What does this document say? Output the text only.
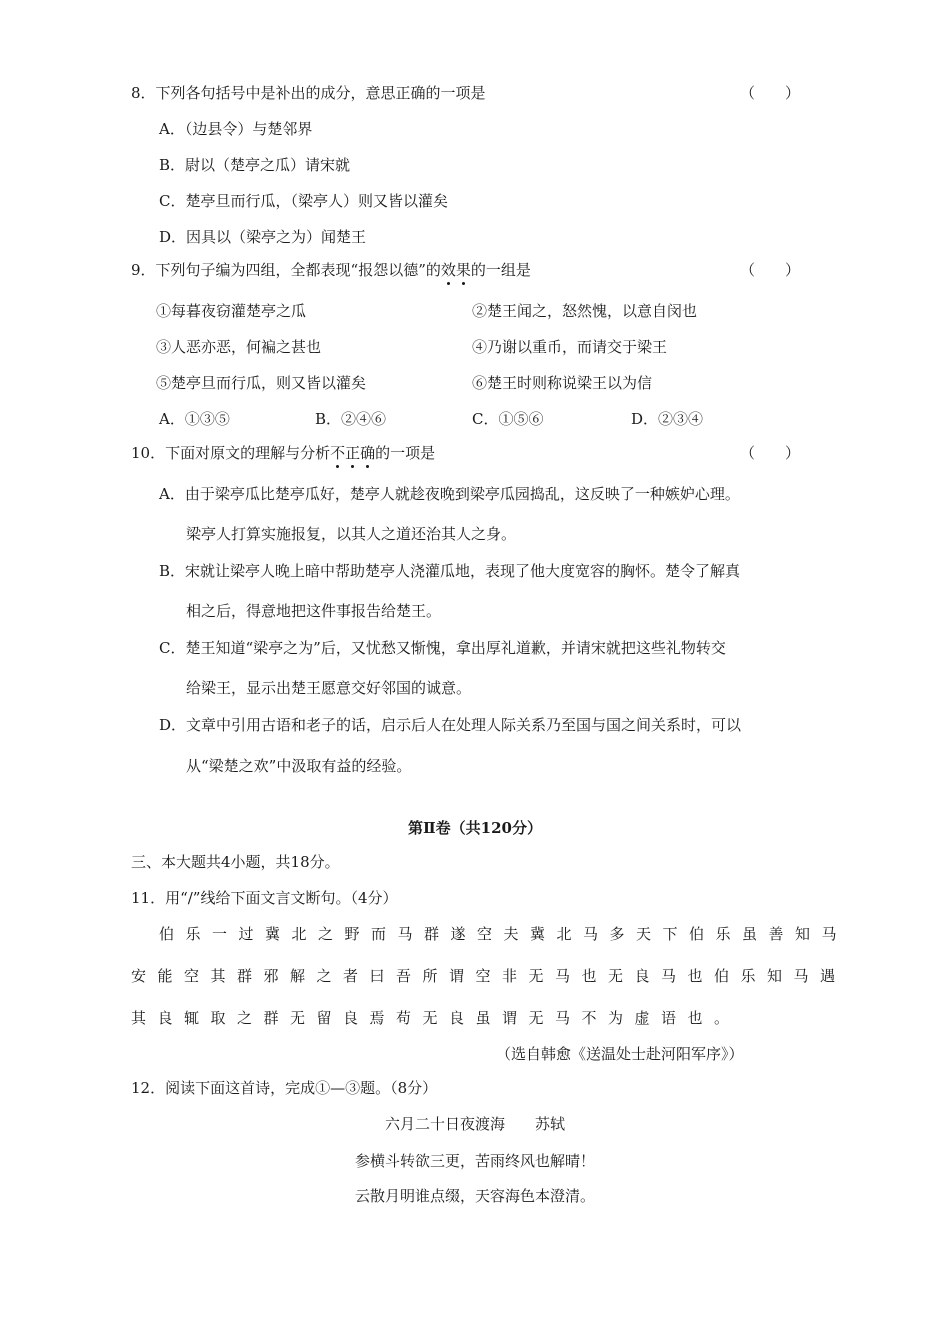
8．下列各句括号中是补出的成分，意思正确的一项是	（　　）
A．（边县令）与楚邻界
B．尉以（楚亭之瓜）请宋就
C．楚亭旦而行瓜，（梁亭人）则又皆以灌矣
D．因具以（梁亭之为）闻楚王
9．下列句子编为四组，全都表现“报怨以德”的效果的一组是	（　　）
①每暮夜窃灌楚亭之瓜	②楚王闻之，怒然愧，以意自闵也
③人恶亦恶，何褊之甚也	④乃谢以重币，而请交于梁王
⑤楚亭旦而行瓜，则又皆以灌矣	⑥楚王时则称说梁王以为信
A．①③⑤	B．②④⑥	C．①⑤⑥	D．②③④
10．下面对原文的理解与分析不正确的一项是	（　　）
A．由于梁亭瓜比楚亭瓜好，楚亭人就趁夜晚到梁亭瓜园捣乱，这反映了一种嫉妒心理。
梁亭人打算实施报复，以其人之道还治其人之身。
B．宋就让梁亭人晚上暗中帮助楚亭人浇灌瓜地，表现了他大度宽容的胸怀。楚令了解真
相之后，得意地把这件事报告给楚王。
C．楚王知道“梁亭之为”后，又忧愁又惭愧，拿出厚礼道歉，并请宋就把这些礼物转交
给梁王，显示出楚王愿意交好邻国的诚意。
D．文章中引用古语和老子的话，启示后人在处理人际关系乃至国与国之间关系时，可以
从“梁楚之欢”中汲取有益的经验。
第Ⅱ卷（共120分）
三、本大题共4小题，共18分。
11．用“/”线给下面文言文断句。（4分）
伯乐一过冀北之野而马群遂空夫冀北马多天下伯乐虽善知马
安能空其群邪解之者曰吾所谓空非无马也无良马也伯乐知马遇
其良辄取之群无留良焉苟无良虽谓无马不为虚语也。
（选自韩愈《送温处士赴河阳军序》）
12．阅读下面这首诗，完成①—③题。（8分）
六月二十日夜渡海　　苏轼
参横斗转欲三更，苦雨终风也解晴！
云散月明谁点缀，天容海色本澄清。
